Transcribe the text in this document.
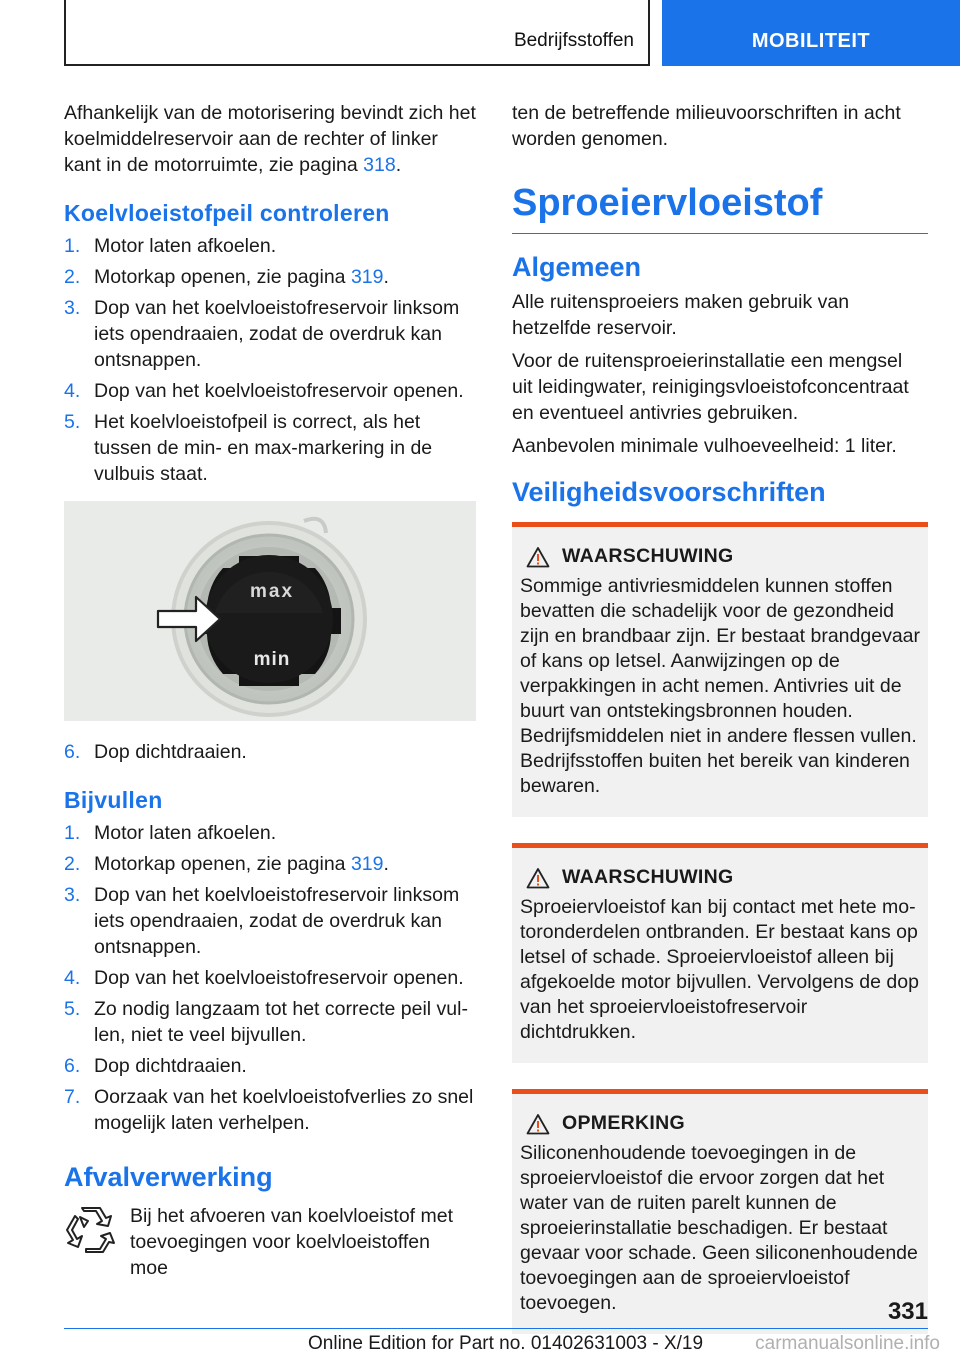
Bedrijfsstoffen	MOBILITEIT

Afhankelijk van de motorisering bevindt zich het koelmiddelreservoir aan de rechter of linker kant in de motorruimte, zie pagina 318.

Koelvloeistofpeil controleren
1. Motor laten afkoelen.
2. Motorkap openen, zie pagina 319.
3. Dop van het koelvloeistofreservoir linksom iets opendraaien, zodat de overdruk kan ontsnappen.
4. Dop van het koelvloeistofreservoir openen.
5. Het koelvloeistofpeil is correct, als het tussen de min- en max-markering in de vulbuis staat.
max
min
6. Dop dichtdraaien.
Bijvullen
1. Motor laten afkoelen.
2. Motorkap openen, zie pagina 319.
3. Dop van het koelvloeistofreservoir linksom iets opendraaien, zodat de overdruk kan ontsnappen.
4. Dop van het koelvloeistofreservoir openen.
5. Zo nodig langzaam tot het correcte peil vullen, niet te veel bijvullen.
6. Dop dichtdraaien.
7. Oorzaak van het koelvloeistofverlies zo snel mogelijk laten verhelpen.
Afvalverwerking

Bij het afvoeren van koelvloeistof met toevoegingen voor koelvloeistoffen moe

ten de betreffende milieuvoorschriften in acht worden genomen.

Sproeiervloeistof
Algemeen

Alle ruitensproeiers maken gebruik van hetzelfde reservoir.

Voor de ruitensproeierinstallatie een mengsel uit leidingwater, reinigingsvloeistofconcentraat en eventueel antivries gebruiken.

Aanbevolen minimale vulhoeveelheid: 1 liter.

Veiligheidsvoorschriften
WAARSCHUWING

Sommige antivriesmiddelen kunnen stoffen bevatten die schadelijk voor de gezondheid zijn en brandbaar zijn. Er bestaat brandgevaar of kans op letsel. Aanwijzingen op de verpakkingen in acht nemen. Antivries uit de buurt van ontstekingsbronnen houden. Bedrijfsmiddelen niet in andere flessen vullen. Bedrijfsstoffen buiten het bereik van kinderen bewaren.

WAARSCHUWING

Sproeiervloeistof kan bij contact met hete motoronderdelen ontbranden. Er bestaat kans op letsel of schade. Sproeiervloeistof alleen bij afgekoelde motor bijvullen. Vervolgens de dop van het sproeiervloeistofreservoir dichtdrukken.

OPMERKING

Siliconenhoudende toevoegingen in de sproeiervloeistof die ervoor zorgen dat het water van de ruiten parelt kunnen de sproeierinstallatie beschadigen. Er bestaat gevaar voor schade. Geen siliconenhoudende toevoegingen aan de sproeiervloeistof toevoegen.	331
Online Edition for Part no. 01402631003 - X/19	carmanualsonline.info
